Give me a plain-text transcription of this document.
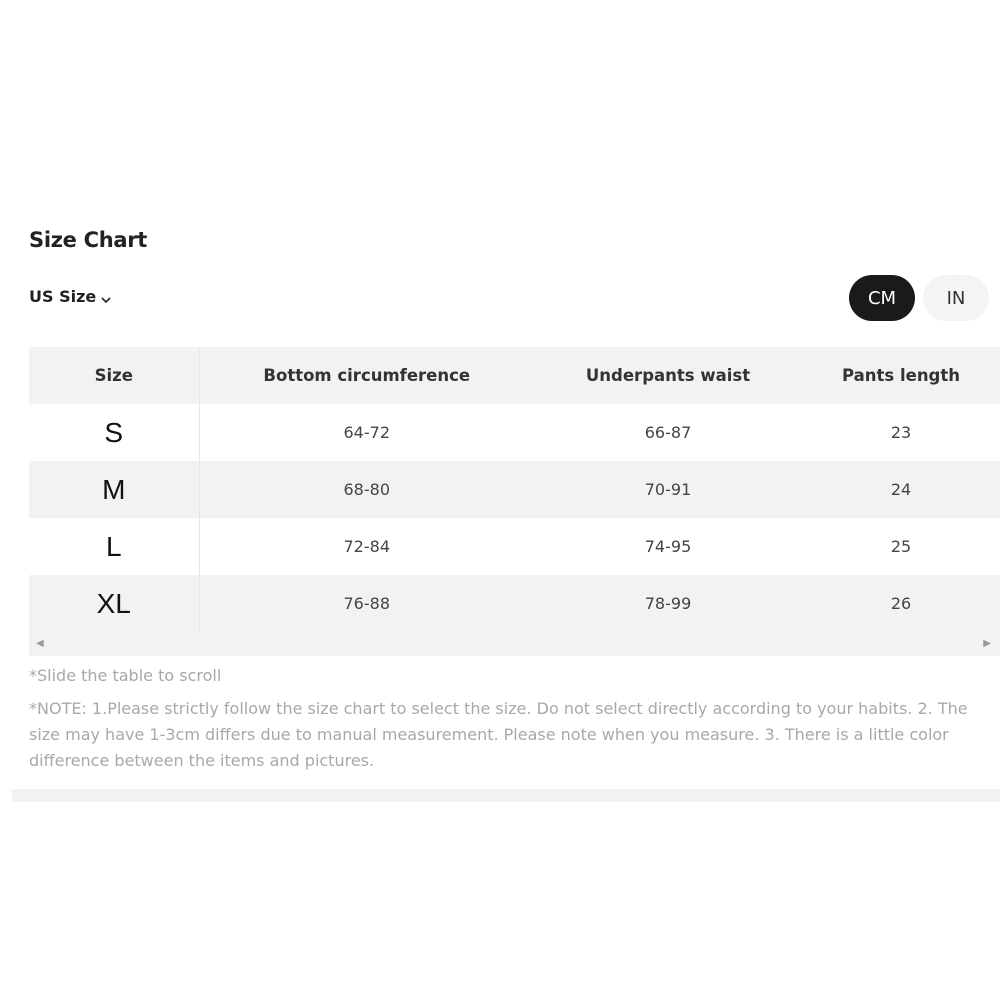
Size Chart
US Size	CM	IN
Size	Bottom circumference	Underpants waist	Pants length
S	64-72	66-87	23
M	68-80	70-91	24
L	72-84	74-95	25
XL	76-88	78-99	26
◀	▶
*Slide the table to scroll
*NOTE: 1.Please strictly follow the size chart to select the size. Do not select directly according to your habits. 2. The size may have 1-3cm differs due to manual measurement. Please note when you measure. 3. There is a little color difference between the items and pictures.
